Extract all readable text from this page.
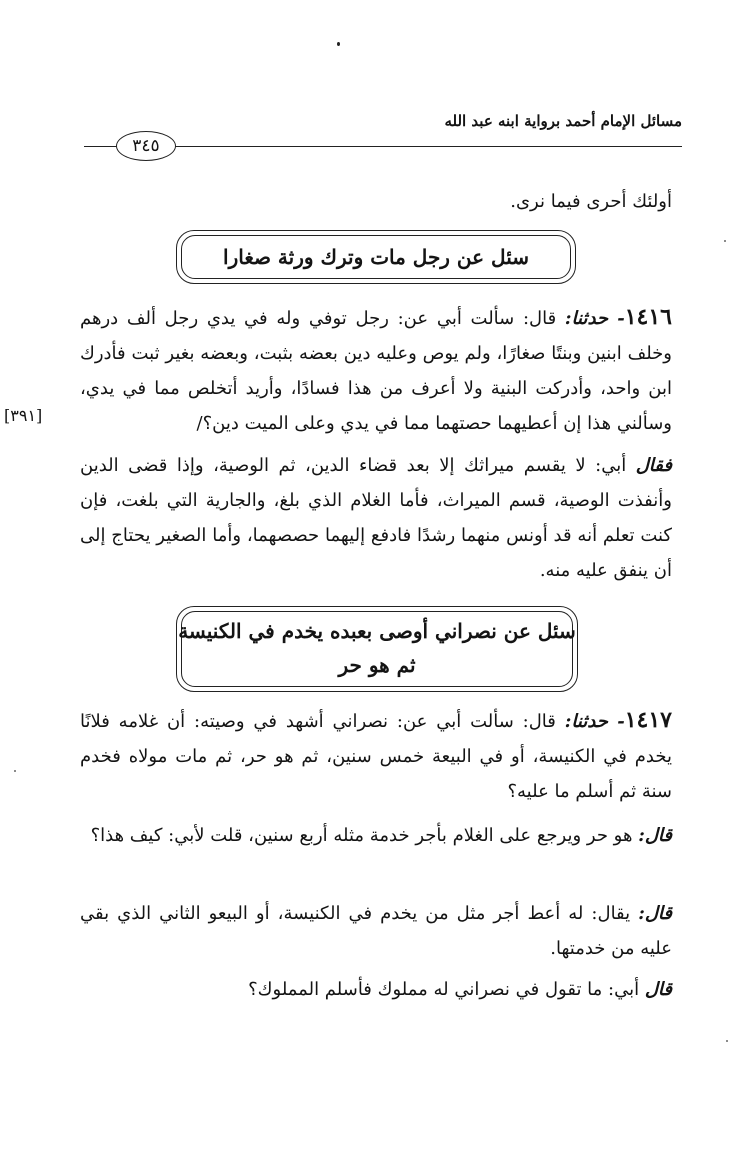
مسائل الإمام أحمد برواية ابنه عبد الله
٣٤٥
أولئك أحرى فيما نرى.
سئل عن رجل مات وترك ورثة صغارا
١٤١٦- حدثنا: قال: سألت أبي عن: رجل توفي وله في يدي رجل ألف درهم وخلف ابنين وبنتًا صغارًا، ولم يوص وعليه دين بعضه بثبت، وبعضه بغير ثبت فأدرك ابن واحد، وأدركت البنية ولا أعرف من هذا فسادًا، وأريد أتخلص مما في يدي، وسألني هذا إن أعطيهما حصتهما مما في يدي وعلى الميت دين؟/
[٣٩١]
فقال أبي: لا يقسم ميراثك إلا بعد قضاء الدين، ثم الوصية، وإذا قضى الدين وأنفذت الوصية، قسم الميراث، فأما الغلام الذي بلغ، والجارية التي بلغت، فإن كنت تعلم أنه قد أونس منهما رشدًا فادفع إليهما حصصهما، وأما الصغير يحتاج إلى أن ينفق عليه منه.
سئل عن نصراني أوصى بعبده يخدم في الكنيسة
ثم هو حر
١٤١٧- حدثنا: قال: سألت أبي عن: نصراني أشهد في وصيته: أن غلامه فلانًا يخدم في الكنيسة، أو في البيعة خمس سنين، ثم هو حر، ثم مات مولاه فخدم سنة ثم أسلم ما عليه؟
قال: هو حر ويرجع على الغلام بأجر خدمة مثله أربع سنين، قلت لأبي: كيف هذا؟
قال: يقال: له أعط أجر مثل من يخدم في الكنيسة، أو البيعو الثاني الذي بقي عليه من خدمتها.
قال أبي: ما تقول في نصراني له مملوك فأسلم المملوك؟
